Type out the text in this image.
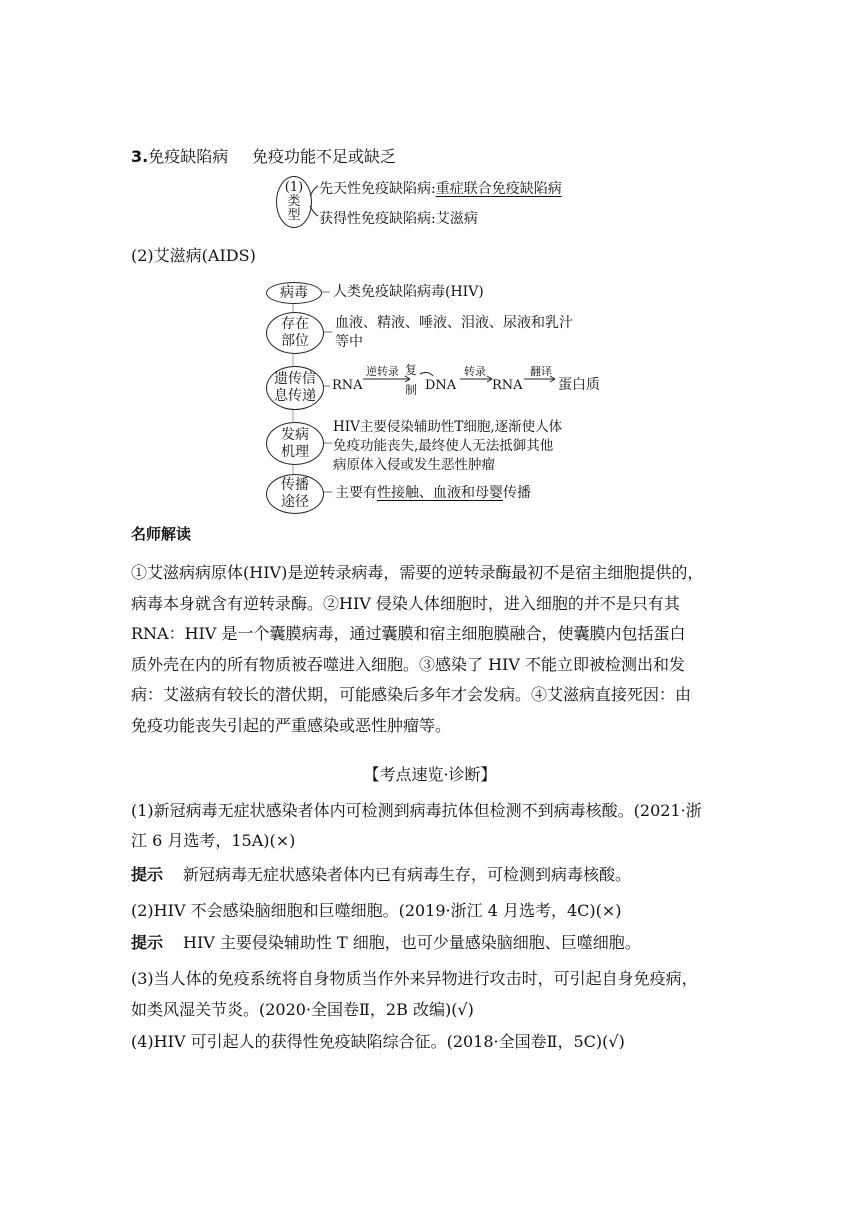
3.免疫缺陷病 免疫功能不足或缺乏
(1)
类
型
先天性免疫缺陷病:重症联合免疫缺陷病
获得性免疫缺陷病:艾滋病
(2)艾滋病(AIDS)
病毒 人类免疫缺陷病毒(HIV)
存在
部位
血液、精液、唾液、泪液、尿液和乳汁
等中
遗传信
息传递
RNA
逆转录 复
制 DNA
转录
RNA
翻译
蛋白质
发病
机理
HIV主要侵染辅助性T细胞,逐渐使人体
免疫功能丧失,最终使人无法抵御其他
病原体入侵或发生恶性肿瘤
传播
途径
主要有性接触、血液和母婴传播
名师解读
①艾滋病病原体(HIV)是逆转录病毒，需要的逆转录酶最初不是宿主细胞提供的，
病毒本身就含有逆转录酶。②HIV 侵染人体细胞时，进入细胞的并不是只有其
RNA：HIV 是一个囊膜病毒，通过囊膜和宿主细胞膜融合，使囊膜内包括蛋白
质外壳在内的所有物质被吞噬进入细胞。③感染了 HIV 不能立即被检测出和发
病：艾滋病有较长的潜伏期，可能感染后多年才会发病。④艾滋病直接死因：由
免疫功能丧失引起的严重感染或恶性肿瘤等。
【考点速览·诊断】
(1)新冠病毒无症状感染者体内可检测到病毒抗体但检测不到病毒核酸。(2021·浙
江 6 月选考，15A)(×)
提示 新冠病毒无症状感染者体内已有病毒生存，可检测到病毒核酸。
(2)HIV 不会感染脑细胞和巨噬细胞。(2019·浙江 4 月选考，4C)(×)
提示 HIV 主要侵染辅助性 T 细胞，也可少量感染脑细胞、巨噬细胞。
(3)当人体的免疫系统将自身物质当作外来异物进行攻击时，可引起自身免疫病，
如类风湿关节炎。(2020·全国卷Ⅱ，2B 改编)(√)
(4)HIV 可引起人的获得性免疫缺陷综合征。(2018·全国卷Ⅱ，5C)(√)
